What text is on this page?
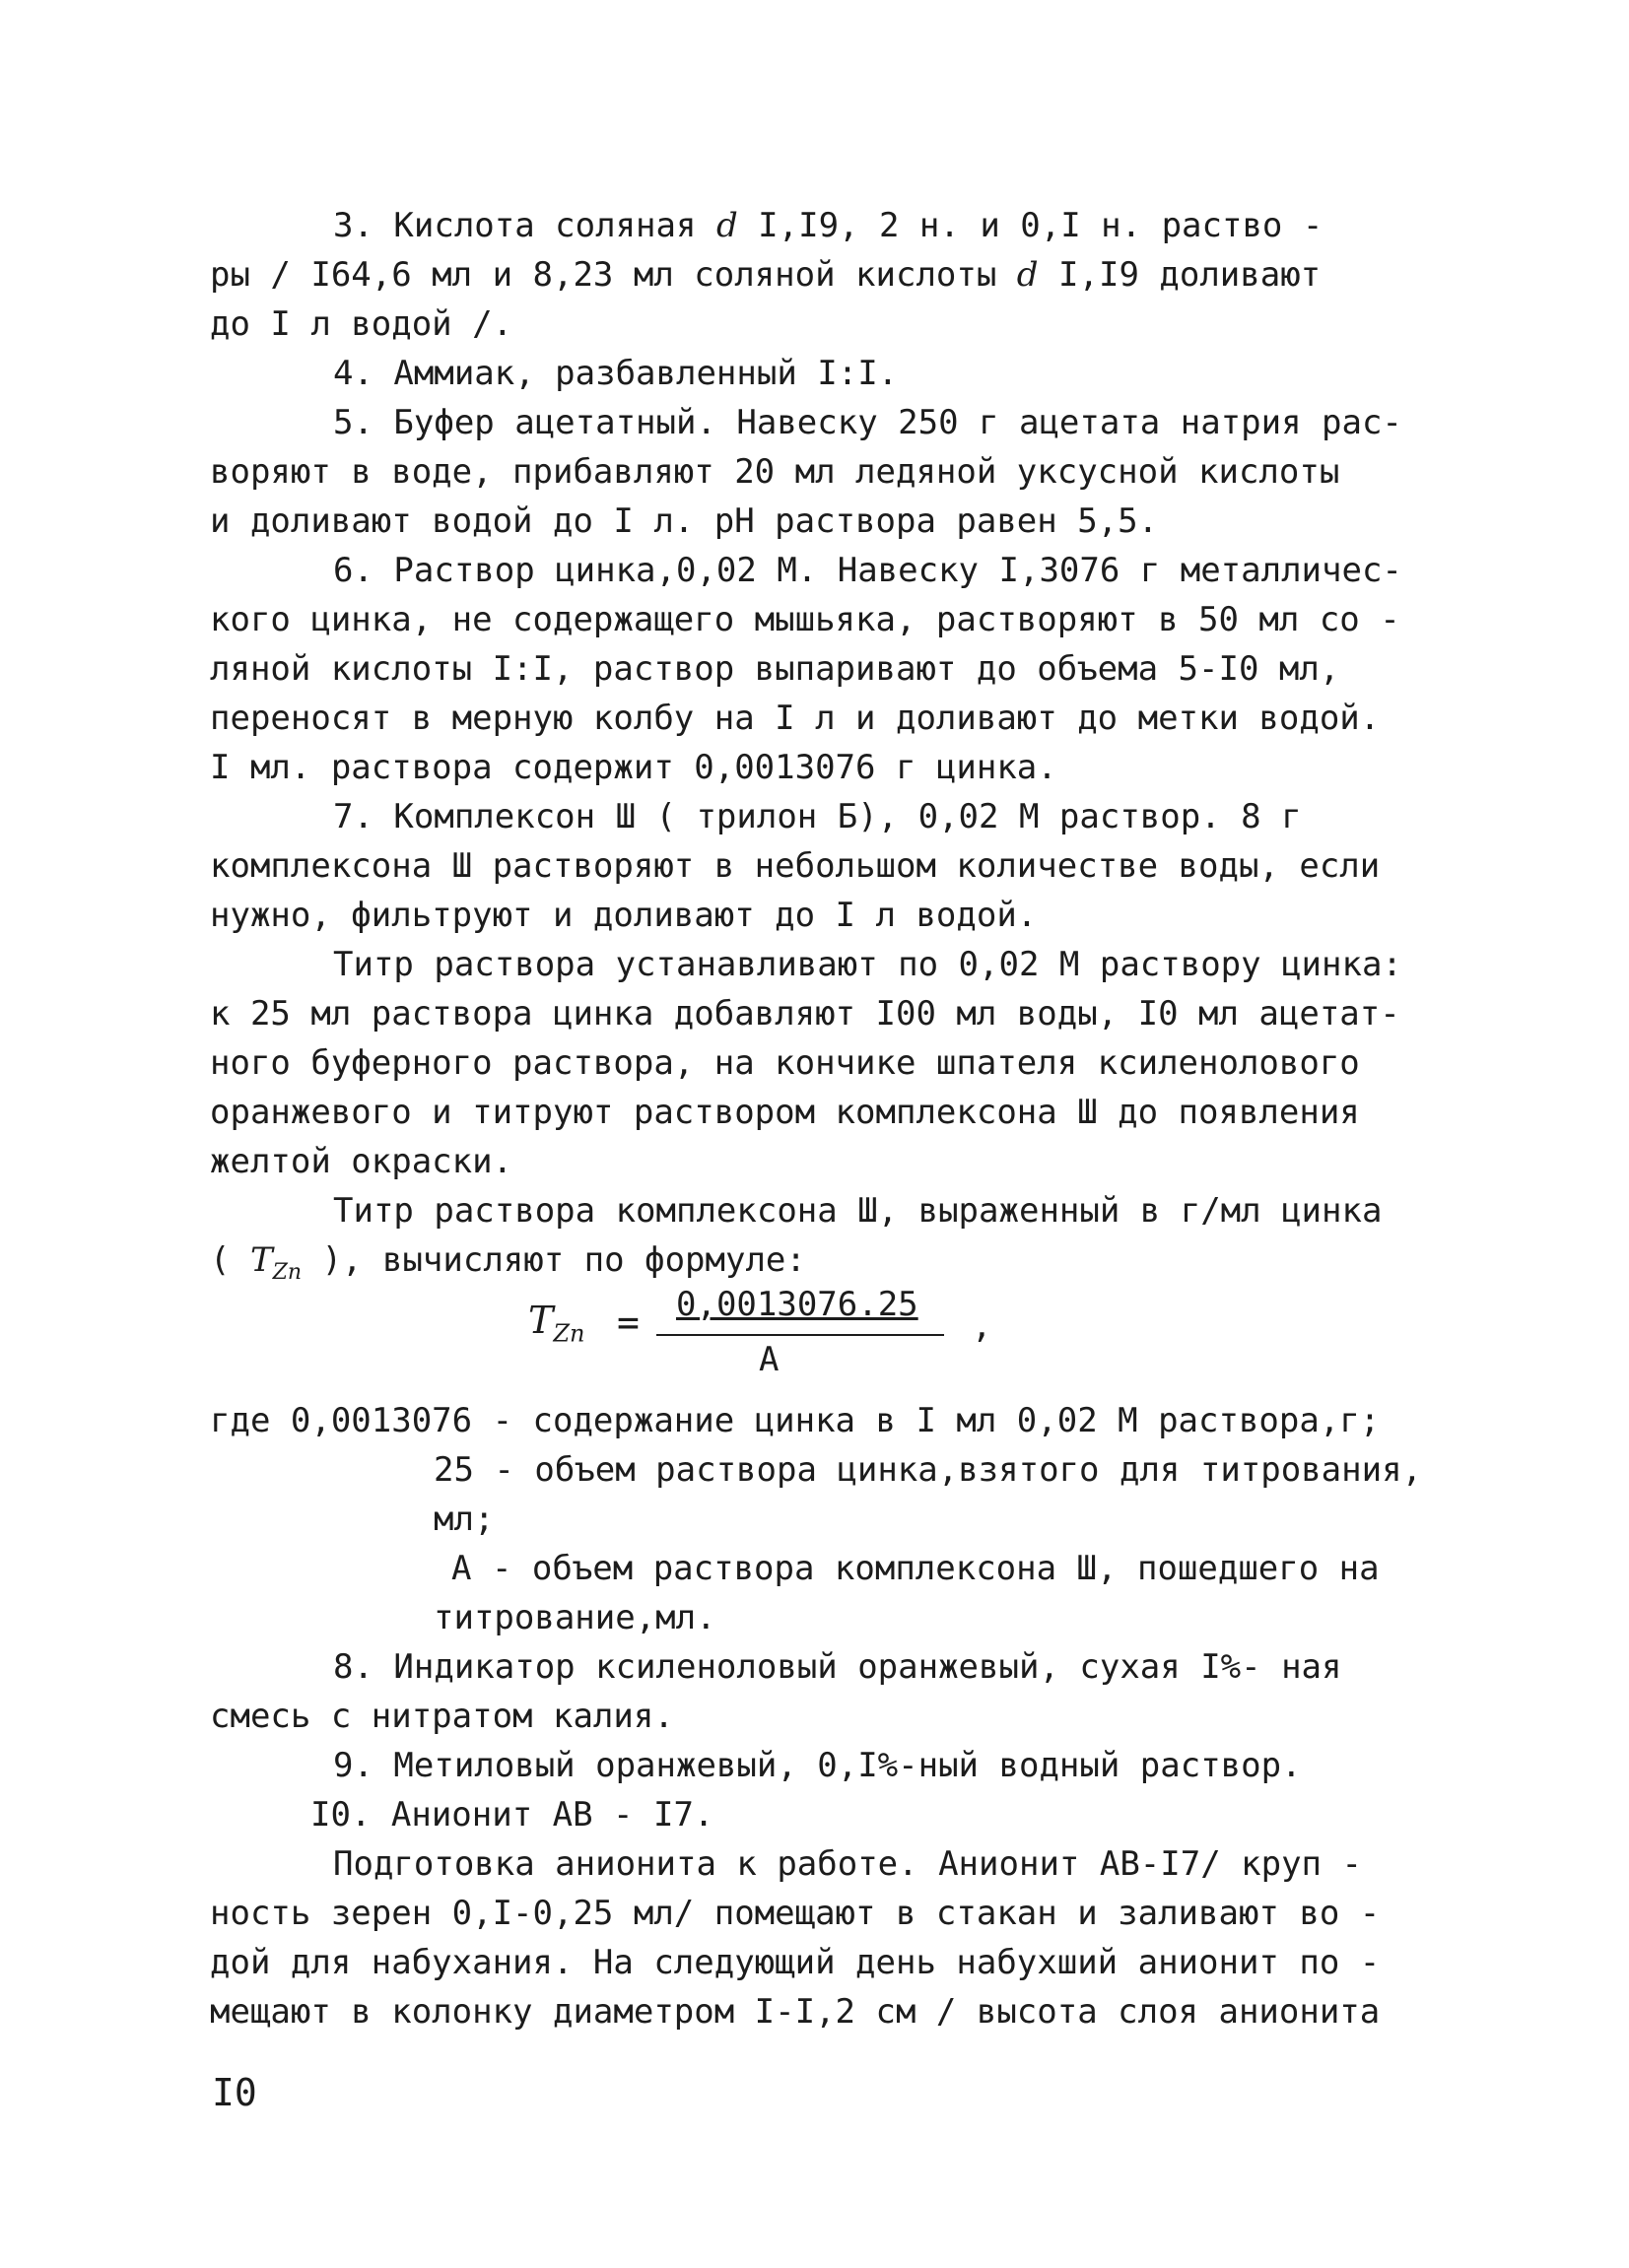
3. Кислота соляная d I,I9, 2 н. и 0,I н. раство -
ры / I64,6 мл и 8,23 мл соляной кислоты d I,I9 доливают
до I л водой /.
4. Аммиак, разбавленный I:I.
5. Буфер ацетатный. Навеску 250 г ацетата натрия рас-
воряют в воде, прибавляют 20 мл ледяной уксусной кислоты
и доливают водой до I л. pH раствора равен 5,5.
6. Раствор цинка,0,02 М. Навеску I,3076 г металличес-
кого цинка, не содержащего мышьяка, растворяют в 50 мл со -
ляной кислоты I:I, раствор выпаривают до объема 5-I0 мл,
переносят в мерную колбу на I л и доливают до метки водой.
I мл. раствора содержит 0,0013076 г цинка.
7. Комплексон Ш ( трилон Б), 0,02 М раствор. 8 г
комплексона Ш растворяют в небольшом количестве воды, если
нужно, фильтруют и доливают до I л водой.
Титр раствора устанавливают по 0,02 М раствору цинка:
к 25 мл раствора цинка добавляют I00 мл воды, I0 мл ацетат-
ного буферного раствора, на кончике шпателя ксиленолового
оранжевого и титруют раствором комплексона Ш до появления
желтой окраски.
Титр раствора комплексона Ш, выраженный в г/мл цинка
( $T_{Zn}$ ), вычисляют по формуле:
$T_{Zn} = 0,0013076.25$
A
,
где 0,0013076 - содержание цинка в I мл 0,02 М раствора,г;
25 - объем раствора цинка,взятого для титрования,
мл;
А - объем раствора комплексона Ш, пошедшего на
титрование,мл.
8. Индикатор ксиленоловый оранжевый, сухая I%- ная
смесь с нитратом калия.
9. Метиловый оранжевый, 0,I%-ный водный раствор.
I0. Анионит АВ - I7.
Подготовка анионита к работе. Анионит АВ-I7/ круп -
ность зерен 0,I-0,25 мл/ помещают в стакан и заливают во -
дой для набухания. На следующий день набухший анионит по -
мещают в колонку диаметром I-I,2 см / высота слоя анионита
I0
